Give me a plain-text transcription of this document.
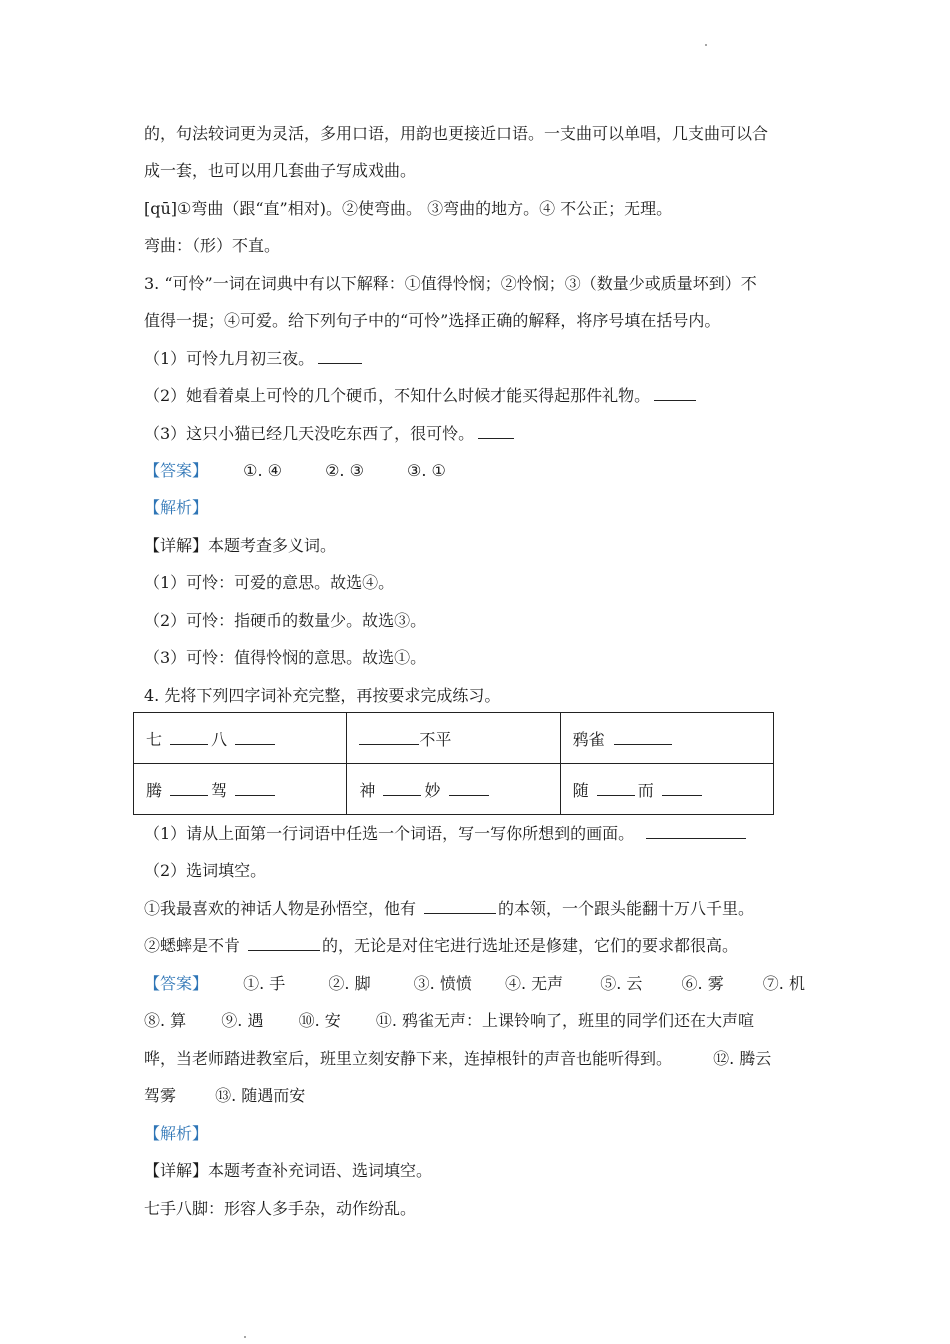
的，句法较词更为灵活，多用口语，用韵也更接近口语。一支曲可以单唱，几支曲可以合
成一套，也可以用几套曲子写成戏曲。
[qū]①弯曲（跟“直”相对)。②使弯曲。 ③弯曲的地方。④ 不公正；无理。
弯曲：（形）不直。
3. “可怜”一词在词典中有以下解释：①值得怜悯；②怜悯；③（数量少或质量坏到）不
值得一提；④可爱。给下列句子中的“可怜”选择正确的解释，将序号填在括号内。
（1）可怜九月初三夜。
（2）她看着桌上可怜的几个硬币，不知什么时候才能买得起那件礼物。
（3）这只小猫已经几天没吃东西了，很可怜。
【答案】 ①. ④	②. ③	③. ①
【解析】
【详解】本题考查多义词。
（1）可怜：可爱的意思。故选④。
（2）可怜：指硬币的数量少。故选③。
（3）可怜：值得怜悯的意思。故选①。
4. 先将下列四字词补充完整，再按要求完成练习。
七 八	不平	鸦雀
腾 驾	神 妙	随 而
（1）请从上面第一行词语中任选一个词语，写一写你所想到的画面。
（2）选词填空。
①我最喜欢的神话人物是孙悟空，他有	的本领，一个跟头能翻十万八千里。
②蟋蟀是不肯	的，无论是对住宅进行选址还是修建，它们的要求都很高。
【答案】 ①. 手	②. 脚	③. 愤愤 ④. 无声 ⑤. 云 ⑥. 雾 ⑦. 机
⑧. 算 ⑨. 遇 ⑩. 安 ⑪. 鸦雀无声：上课铃响了，班里的同学们还在大声喧
哗，当老师踏进教室后，班里立刻安静下来，连掉根针的声音也能听得到。	⑫. 腾云
驾雾 ⑬. 随遇而安
【解析】
【详解】本题考查补充词语、选词填空。
七手八脚：形容人多手杂，动作纷乱。
